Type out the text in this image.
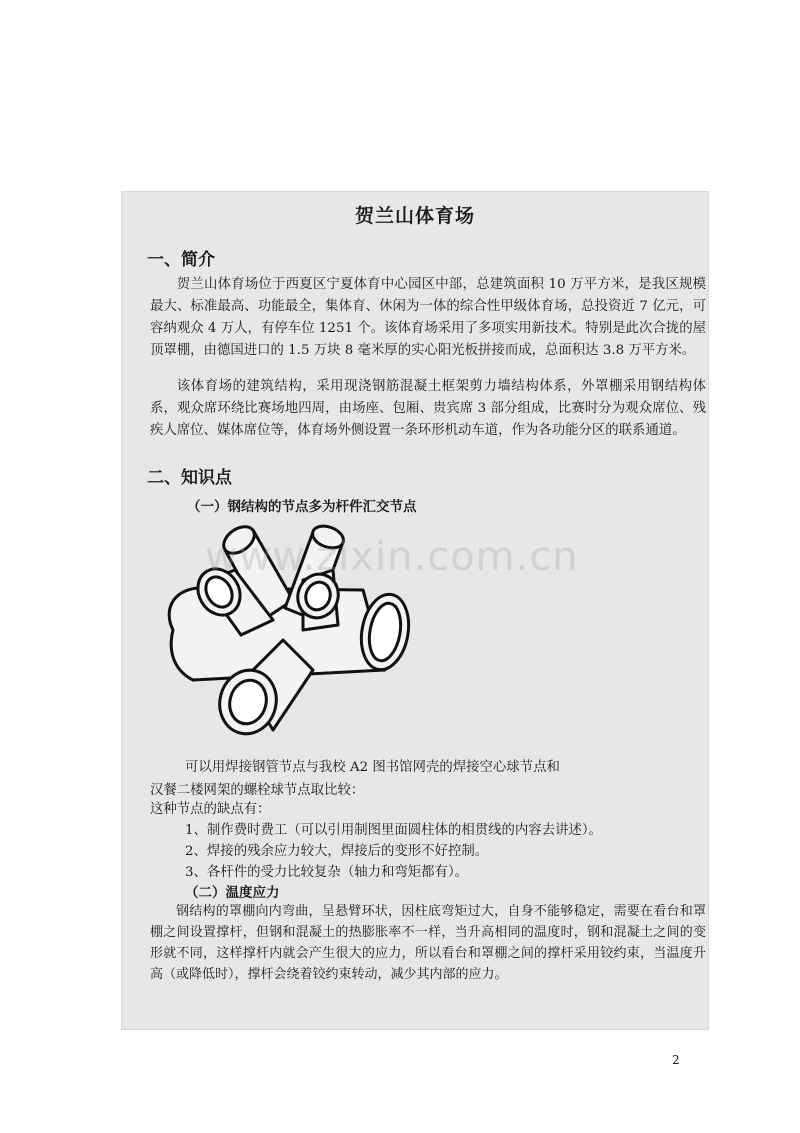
贺兰山体育场
一、简介
贺兰山体育场位于西夏区宁夏体育中心园区中部，总建筑面积 10 万平方米，是我区规模最大、标准最高、功能最全，集体育、休闲为一体的综合性甲级体育场，总投资近 7 亿元，可容纳观众 4 万人，有停车位 1251 个。该体育场采用了多项实用新技术。特别是此次合拢的屋顶罩棚，由德国进口的 1.5 万块 8 毫米厚的实心阳光板拼接而成，总面积达 3.8 万平方米。
该体育场的建筑结构，采用现浇钢筋混凝土框架剪力墙结构体系，外罩棚采用钢结构体系，观众席环绕比赛场地四周，由场座、包厢、贵宾席 3 部分组成，比赛时分为观众席位、残疾人席位、媒体席位等，体育场外侧设置一条环形机动车道，作为各功能分区的联系通道。
二、知识点
（一）钢结构的节点多为杆件汇交节点
可以用焊接钢管节点与我校 A2 图书馆网壳的焊接空心球节点和
汉餐二楼网架的螺栓球节点取比较：
这种节点的缺点有：
1、制作费时费工（可以引用制图里面圆柱体的相贯线的内容去讲述）。
2、焊接的残余应力较大，焊接后的变形不好控制。
3、各杆件的受力比较复杂（轴力和弯矩都有）。
（二）温度应力
钢结构的罩棚向内弯曲，呈悬臂环状，因柱底弯矩过大，自身不能够稳定，需要在看台和罩棚之间设置撑杆，但钢和混凝土的热膨胀率不一样，当升高相同的温度时，钢和混凝土之间的变形就不同，这样撑杆内就会产生很大的应力，所以看台和罩棚之间的撑杆采用铰约束，当温度升高（或降低时），撑杆会绕着铰约束转动，减少其内部的应力。
www.zixin.com.cn
2
